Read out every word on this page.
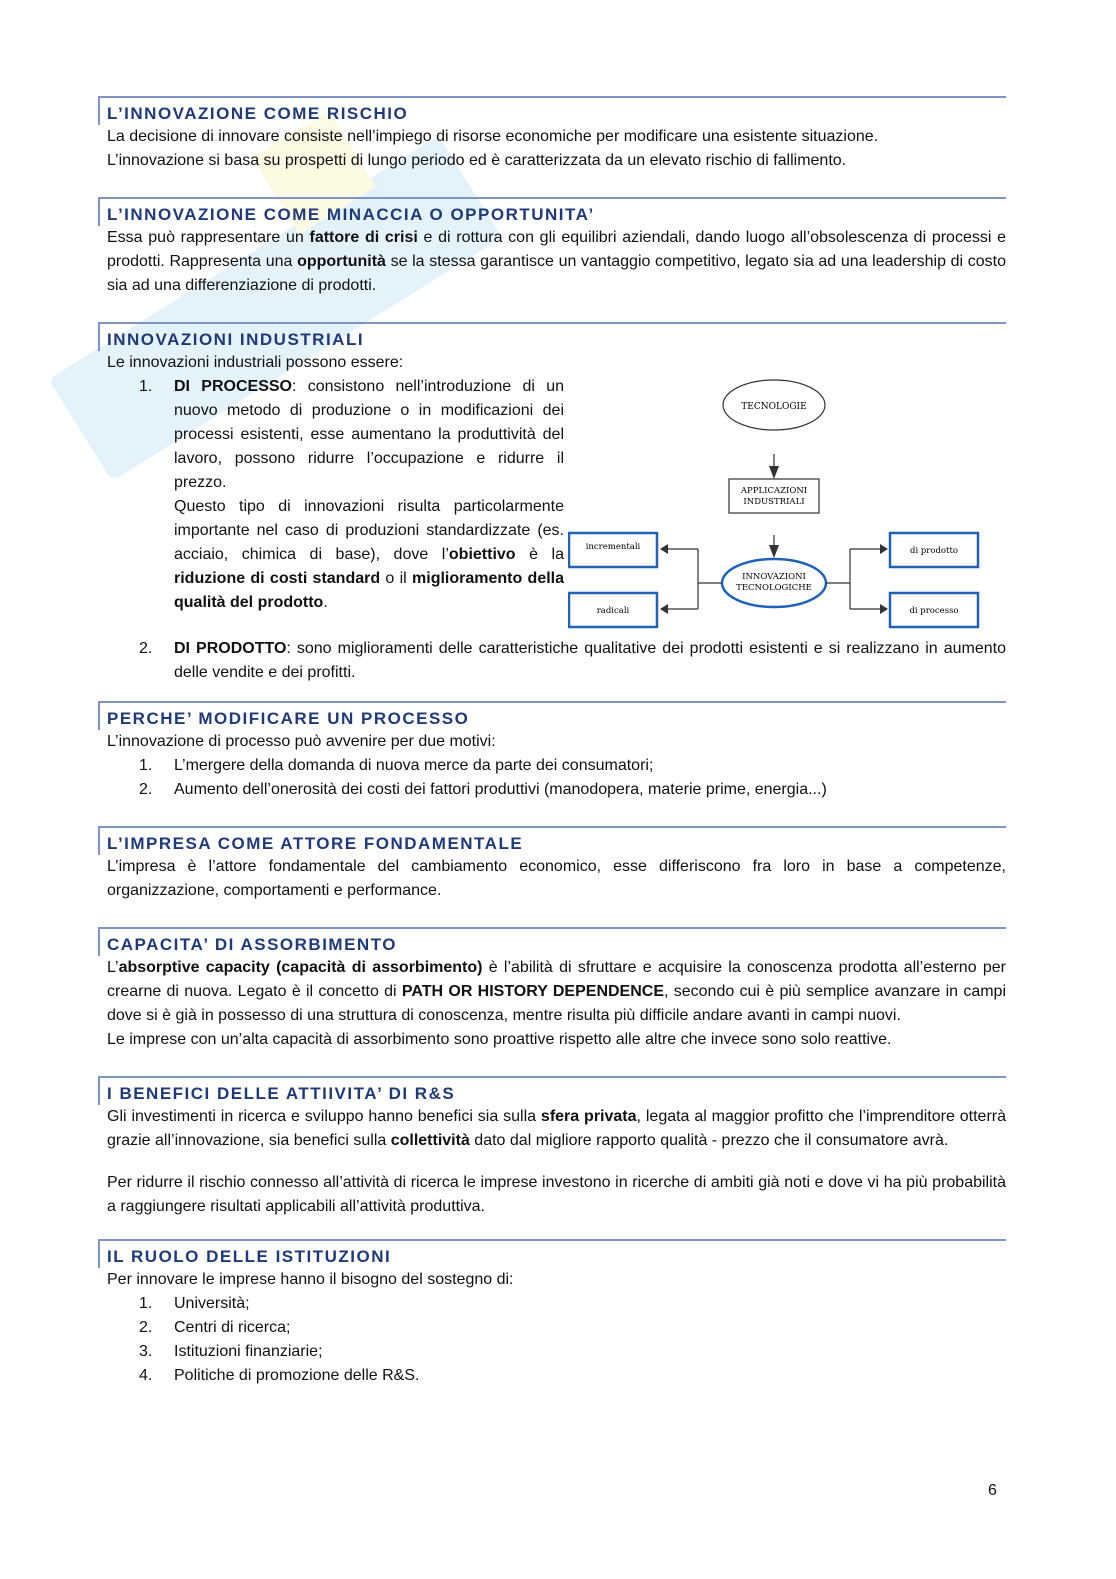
L’INNOVAZIONE COME RISCHIO

La decisione di innovare consiste nell’impiego di risorse economiche per modificare una esistente situazione.

L’innovazione si basa su prospetti di lungo periodo ed è caratterizzata da un elevato rischio di fallimento.

L’INNOVAZIONE COME MINACCIA O OPPORTUNITA’

Essa può rappresentare un fattore di crisi e di rottura con gli equilibri aziendali, dando luogo all’obsolescenza di processi e prodotti. Rappresenta una opportunità se la stessa garantisce un vantaggio competitivo, legato sia ad una leadership di costo sia ad una differenziazione di prodotti.

INNOVAZIONI INDUSTRIALI

Le innovazioni industriali possono essere:

1.	DI PROCESSO: consistono nell’introduzione di un nuovo metodo di produzione o in modificazioni dei processi esistenti, esse aumentano la produttività del lavoro, possono ridurre l’occupazione e ridurre il prezzo.
Questo tipo di innovazioni risulta particolarmente importante nel caso di produzioni standardizzate (es. acciaio, chimica di base), dove l’obiettivo è la riduzione di costi standard o il miglioramento della qualità del prodotto.
TECNOLOGIE
APPLICAZIONI
INDUSTRIALI
INNOVAZIONI
TECNOLOGICHE
incrementali
radicali
di prodotto
di processo
2.	DI PRODOTTO: sono miglioramenti delle caratteristiche qualitative dei prodotti esistenti e si realizzano in aumento delle vendite e dei profitti.
PERCHE’ MODIFICARE UN PROCESSO

L’innovazione di processo può avvenire per due motivi:

1.	L’mergere della domanda di nuova merce da parte dei consumatori;
2.	Aumento dell’onerosità dei costi dei fattori produttivi (manodopera, materie prime, energia...)
L’IMPRESA COME ATTORE FONDAMENTALE

L’impresa è l’attore fondamentale del cambiamento economico, esse differiscono fra loro in base a competenze, organizzazione, comportamenti e performance.

CAPACITA’ DI ASSORBIMENTO

L’absorptive capacity (capacità di assorbimento) è l’abilità di sfruttare e acquisire la conoscenza prodotta all’esterno per crearne di nuova. Legato è il concetto di PATH OR HISTORY DEPENDENCE, secondo cui è più semplice avanzare in campi dove si è già in possesso di una struttura di conoscenza, mentre risulta più difficile andare avanti in campi nuovi.

Le imprese con un’alta capacità di assorbimento sono proattive rispetto alle altre che invece sono solo reattive.

I BENEFICI DELLE ATTIIVITA’ DI R&S

Gli investimenti in ricerca e sviluppo hanno benefici sia sulla sfera privata, legata al maggior profitto che l’imprenditore otterrà grazie all’innovazione, sia benefici sulla collettività dato dal migliore rapporto qualità - prezzo che il consumatore avrà.

Per ridurre il rischio connesso all’attività di ricerca le imprese investono in ricerche di ambiti già noti e dove vi ha più probabilità a raggiungere risultati applicabili all’attività produttiva.

IL RUOLO DELLE ISTITUZIONI

Per innovare le imprese hanno il bisogno del sostegno di:

1.	Università;
2.	Centri di ricerca;
3.	Istituzioni finanziarie;
4.	Politiche di promozione delle R&S.
6
